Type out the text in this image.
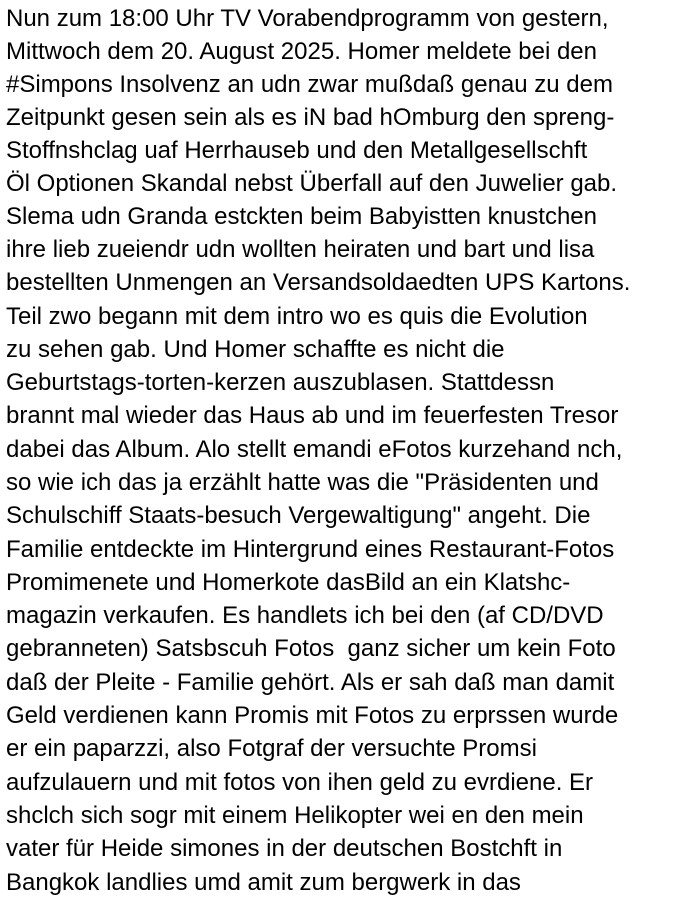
Nun zum 18:00 Uhr TV Vorabendprogramm von gestern,
Mittwoch dem 20. August 2025. Homer meldete bei den
#Simpons Insolvenz an udn zwar mußdaß genau zu dem
Zeitpunkt gesen sein als es iN bad hOmburg den spreng-
Stoffnshclag uaf Herrhauseb und den Metallgesellschft
Öl Optionen Skandal nebst Überfall auf den Juwelier gab.
Slema udn Granda estckten beim Babyistten knustchen
ihre lieb zueiendr udn wollten heiraten und bart und lisa
bestellten Unmengen an Versandsoldaedten UPS Kartons.
Teil zwo begann mit dem intro wo es quis die Evolution
zu sehen gab. Und Homer schaffte es nicht die
Geburtstags-torten-kerzen auszublasen. Stattdessn
brannt mal wieder das Haus ab und im feuerfesten Tresor
dabei das Album. Alo stellt emandi eFotos kurzehand nch,
so wie ich das ja erzählt hatte was die "Präsidenten und
Schulschiff Staats-besuch Vergewaltigung" angeht. Die
Familie entdeckte im Hintergrund eines Restaurant-Fotos
Promimenete und Homerkote dasBild an ein Klatshc-
magazin verkaufen. Es handlets ich bei den (af CD/DVD
gebranneten) Satsbscuh Fotos  ganz sicher um kein Foto
daß der Pleite - Familie gehört. Als er sah daß man damit
Geld verdienen kann Promis mit Fotos zu erprssen wurde
er ein paparzzi, also Fotgraf der versuchte Promsi
aufzulauern und mit fotos von ihen geld zu evrdiene. Er
shclch sich sogr mit einem Helikopter wei en den mein
vater für Heide simones in der deutschen Bostchft in
Bangkok landlies umd amit zum bergwerk in das
